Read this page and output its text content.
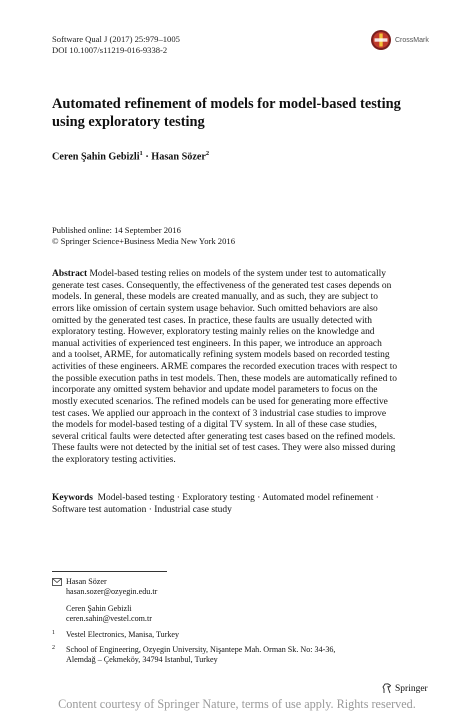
Software Qual J (2017) 25:979–1005
DOI 10.1007/s11219-016-9338-2
CrossMark
Automated refinement of models for model-based testing using exploratory testing
Ceren Şahin Gebizli$^1$ · Hasan Sözer$^2$
Published online: 14 September 2016
© Springer Science+Business Media New York 2016
Abstract Model-based testing relies on models of the system under test to automatically
generate test cases. Consequently, the effectiveness of the generated test cases depends on
models. In general, these models are created manually, and as such, they are subject to
errors like omission of certain system usage behavior. Such omitted behaviors are also
omitted by the generated test cases. In practice, these faults are usually detected with
exploratory testing. However, exploratory testing mainly relies on the knowledge and
manual activities of experienced test engineers. In this paper, we introduce an approach
and a toolset, ARME, for automatically refining system models based on recorded testing
activities of these engineers. ARME compares the recorded execution traces with respect to
the possible execution paths in test models. Then, these models are automatically refined to
incorporate any omitted system behavior and update model parameters to focus on the
mostly executed scenarios. The refined models can be used for generating more effective
test cases. We applied our approach in the context of 3 industrial case studies to improve
the models for model-based testing of a digital TV system. In all of these case studies,
several critical faults were detected after generating test cases based on the refined models.
These faults were not detected by the initial set of test cases. They were also missed during
the exploratory testing activities.
Keywords Model-based testing · Exploratory testing · Automated model refinement ·
Software test automation · Industrial case study
Hasan Sözer
hasan.sozer@ozyegin.edu.tr
Ceren Şahin Gebizli
ceren.sahin@vestel.com.tr
1	Vestel Electronics, Manisa, Turkey
2	School of Engineering, Ozyegin University, Nişantepe Mah. Orman Sk. No: 34-36,
Alemdağ – Çekmeköy, 34794 Istanbul, Turkey
Springer
Content courtesy of Springer Nature, terms of use apply. Rights reserved.
